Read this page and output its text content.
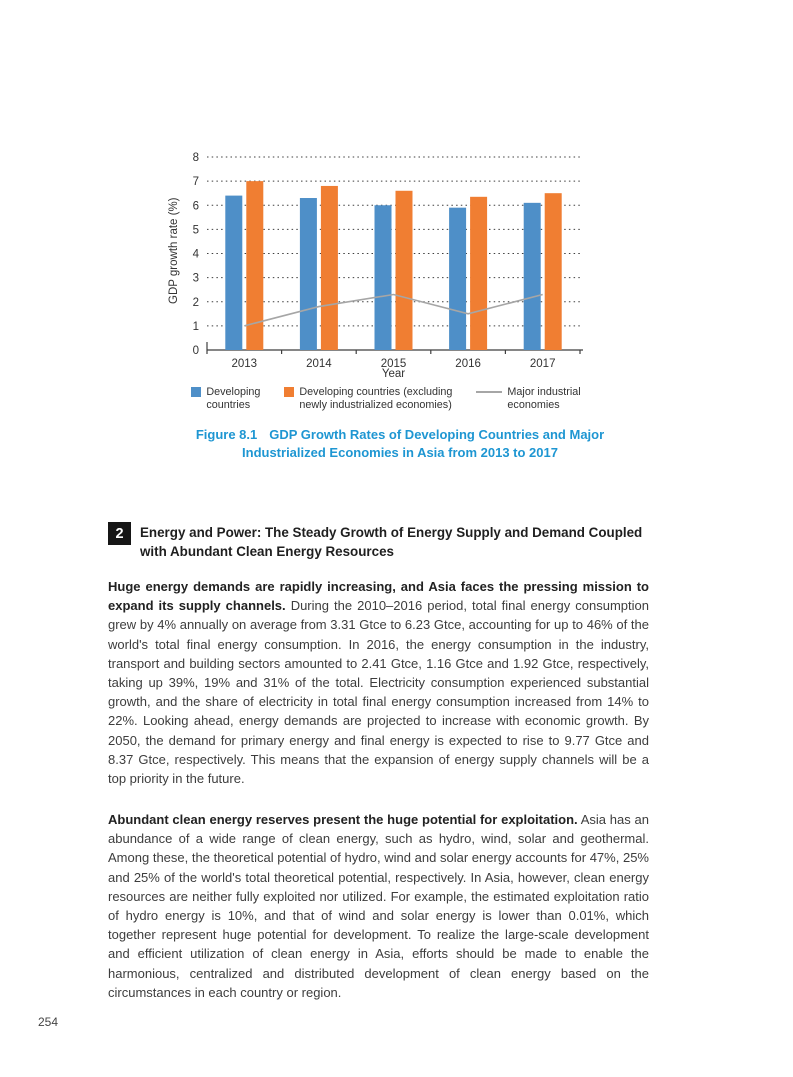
0
1
2
3
4
5
6
7
8
2013	2014	2015	2016	2017
GDP growth rate (%)
Year
Developing
countries
Developing countries (excluding
newly industrialized economies)
Major industrial
economies
Figure 8.1 GDP Growth Rates of Developing Countries and Major Industrialized Economies in Asia from 2013 to 2017
2	Energy and Power: The Steady Growth of Energy Supply and Demand Coupled with Abundant Clean Energy Resources

Huge energy demands are rapidly increasing, and Asia faces the pressing mission to expand its supply channels. During the 2010–2016 period, total final energy consumption grew by 4% annually on average from 3.31 Gtce to 6.23 Gtce, accounting for up to 46% of the world's total final energy consumption. In 2016, the energy consumption in the industry, transport and building sectors amounted to 2.41 Gtce, 1.16 Gtce and 1.92 Gtce, respectively, taking up 39%, 19% and 31% of the total. Electricity consumption experienced substantial growth, and the share of electricity in total final energy consumption increased from 14% to 22%. Looking ahead, energy demands are projected to increase with economic growth. By 2050, the demand for primary energy and final energy is expected to rise to 9.77 Gtce and 8.37 Gtce, respectively. This means that the expansion of energy supply channels will be a top priority in the future.

Abundant clean energy reserves present the huge potential for exploitation. Asia has an abundance of a wide range of clean energy, such as hydro, wind, solar and geothermal. Among these, the theoretical potential of hydro, wind and solar energy accounts for 47%, 25% and 25% of the world's total theoretical potential, respectively. In Asia, however, clean energy resources are neither fully exploited nor utilized. For example, the estimated exploitation ratio of hydro energy is 10%, and that of wind and solar energy is lower than 0.01%, which together represent huge potential for development. To realize the large-scale development and efficient utilization of clean energy in Asia, efforts should be made to enable the harmonious, centralized and distributed development of clean energy based on the circumstances in each country or region.

254
